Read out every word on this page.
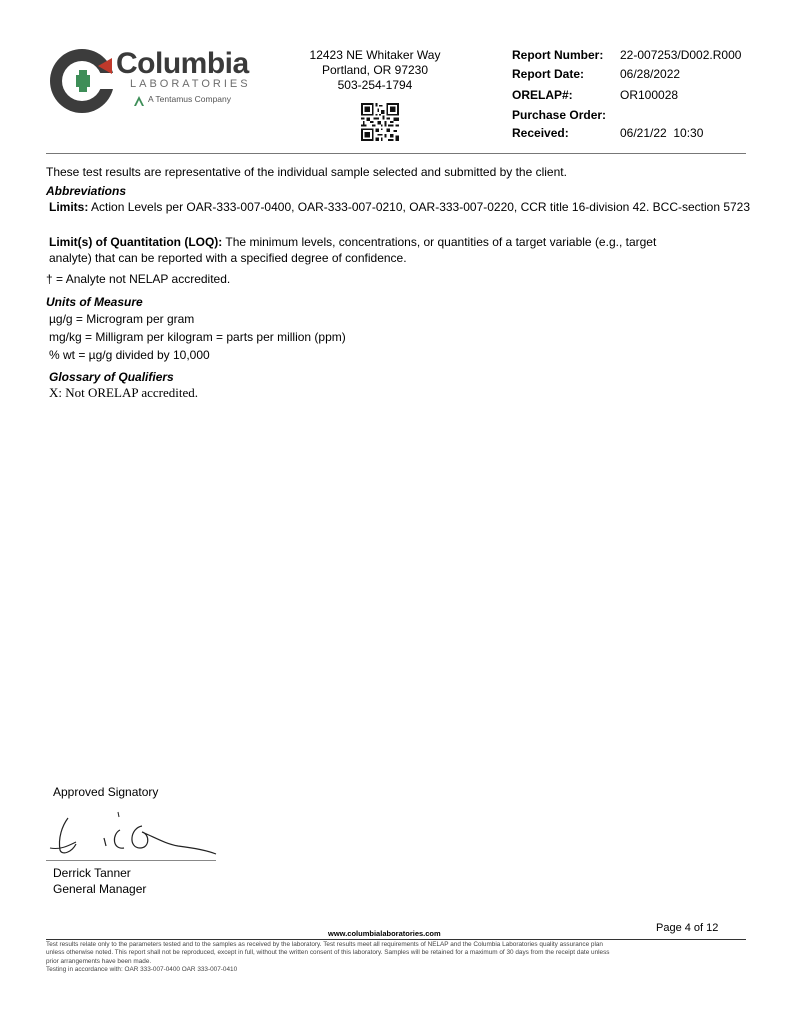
Columbia
LABORATORIES
A Tentamus Company
12423 NE Whitaker Way
Portland, OR 97230
503-254-1794
Report Number: 22-007253/D002.R000
Report Date:	06/28/2022
ORELAP#:	OR100028
Purchase Order:
Received:	06/21/22  10:30
These test results are representative of the individual sample selected and submitted by the client.
Abbreviations
Limits: Action Levels per OAR-333-007-0400, OAR-333-007-0210, OAR-333-007-0220, CCR title 16-division 42. BCC-section 5723
Limit(s) of Quantitation (LOQ): The minimum levels, concentrations, or quantities of a target variable (e.g., target
analyte) that can be reported with a specified degree of confidence.
† = Analyte not NELAP accredited.
Units of Measure
µg/g = Microgram per gram
mg/kg = Milligram per kilogram = parts per million (ppm)
% wt = µg/g divided by 10,000
Glossary of Qualifiers
X: Not ORELAP accredited.
Approved Signatory
Derrick Tanner
General Manager
Page 4 of 12
www.columbialaboratories.com
Test results relate only to the parameters tested and to the samples as received by the laboratory. Test results meet all requirements of NELAP and the Columbia Laboratories quality assurance plan
unless otherwise noted. This report shall not be reproduced, except in full, without the written consent of this laboratory. Samples will be retained for a maximum of 30 days from the receipt date unless
prior arrangements have been made.
Testing in accordance with: OAR 333-007-0400 OAR 333-007-0410
